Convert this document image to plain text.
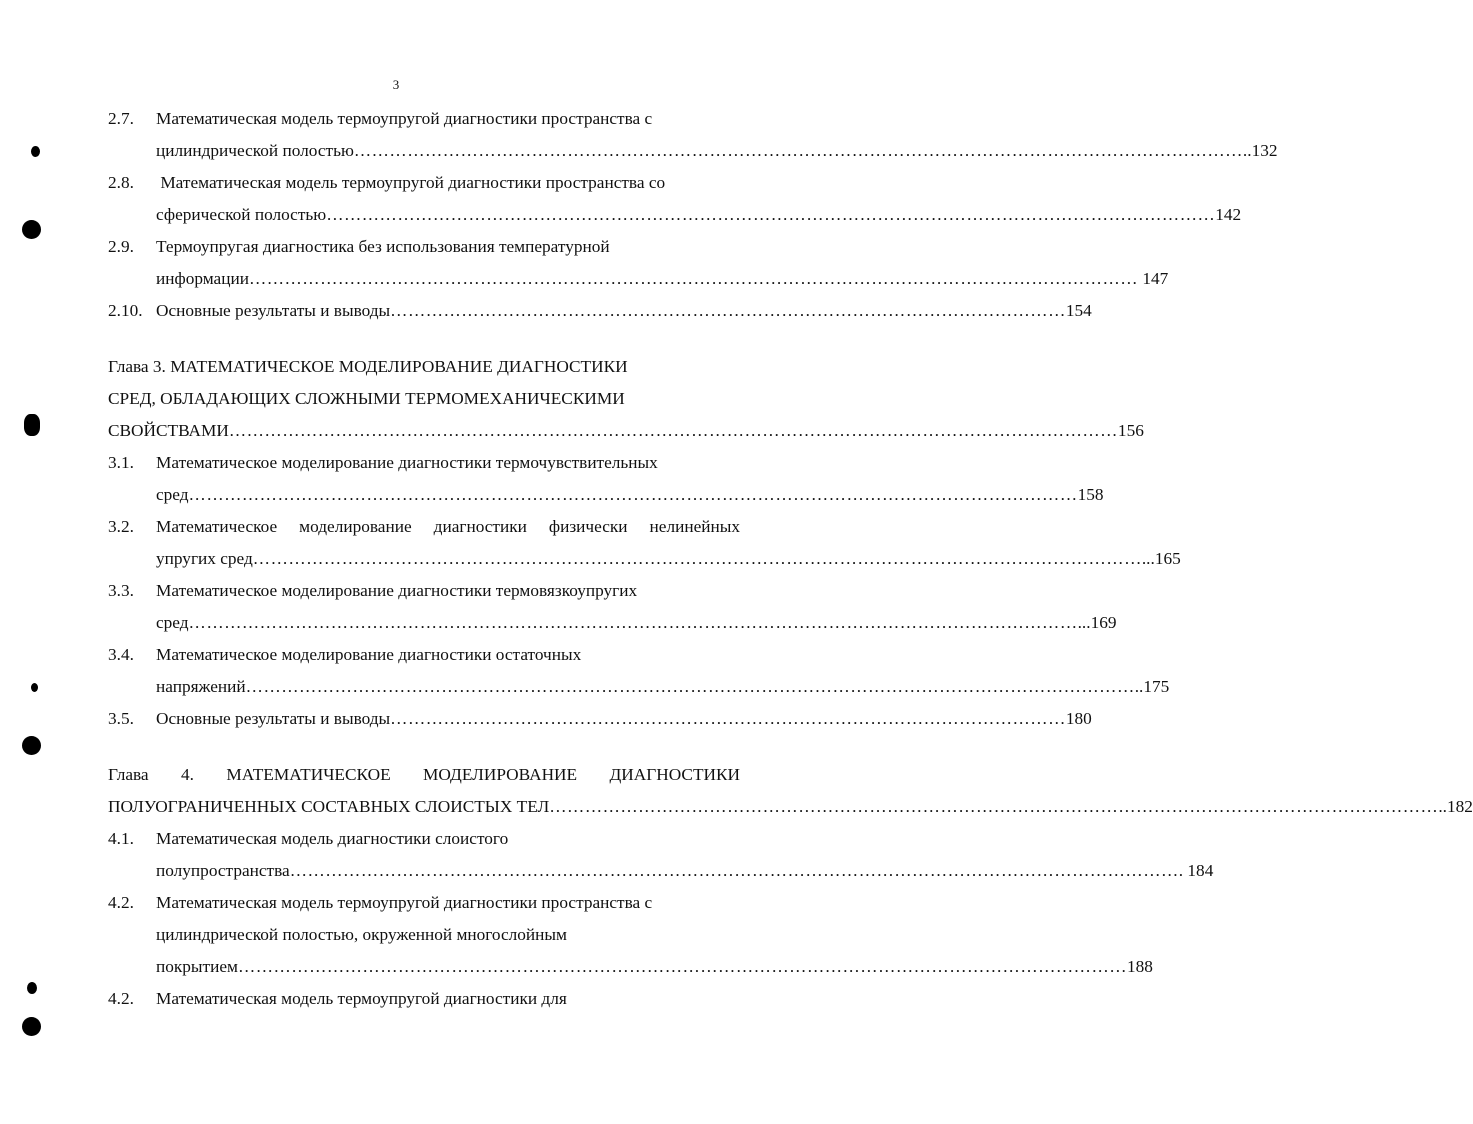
3
2.7.	Математическая модель термоупругой диагностики пространства с
цилиндрической полостью ……………………………………………………………………………………………………………………………………	..132
2.8.	Математическая модель термоупругой диагностики пространства со
сферической полостью ……………………………………………………………………………………………………………………………………	142
2.9.	Термоупругая диагностика без использования температурной
информации ……………………………………………………………………………………………………………………………………	147
2.10. Основные результаты и выводы …………………………………………………………………………………………………… 154
Глава 3. МАТЕМАТИЧЕСКОЕ МОДЕЛИРОВАНИЕ ДИАГНОСТИКИ
СРЕД, ОБЛАДАЮЩИХ СЛОЖНЫМИ ТЕРМОМЕХАНИЧЕСКИМИ
СВОЙСТВАМИ ……………………………………………………………………………………………………………………………………	156
3.1.	Математическое моделирование диагностики термочувствительных
сред ……………………………………………………………………………………………………………………………………	158
3.2.	Математическое моделирование диагностики физически нелинейных
упругих сред ……………………………………………………………………………………………………………………………………	...165
3.3.	Математическое моделирование диагностики термовязкоупругих
сред ……………………………………………………………………………………………………………………………………	...169
3.4.	Математическое моделирование диагностики остаточных
напряжений ……………………………………………………………………………………………………………………………………	..175
3.5.	Основные результаты и выводы …………………………………………………………………………………………………… 180
Глава 4. МАТЕМАТИЧЕСКОЕ МОДЕЛИРОВАНИЕ ДИАГНОСТИКИ
ПОЛУОГРАНИЧЕННЫХ СОСТАВНЫХ СЛОИСТЫХ ТЕЛ ……………………………………………………………………………………………………………………………………	..182
4.1.	Математическая модель диагностики слоистого
полупространства ……………………………………………………………………………………………………………………………………	. 184
4.2.	Математическая модель термоупругой диагностики пространства с
цилиндрической полостью, окруженной многослойным
покрытием ……………………………………………………………………………………………………………………………………	188
4.2.	Математическая модель термоупругой диагностики для
